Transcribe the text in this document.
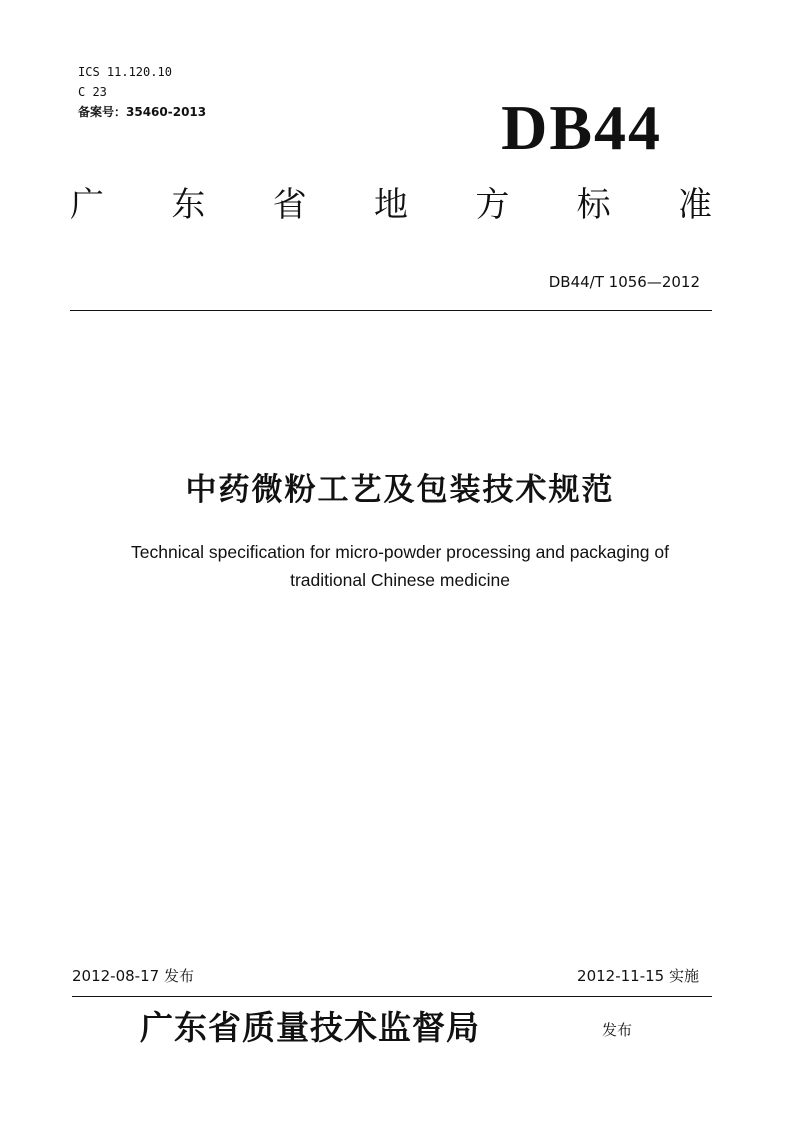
ICS 11.120.10
C 23
备案号：35460-2013	DB44
广 东 省 地 方 标 准
DB44/T 1056—2012
中药微粉工艺及包装技术规范
Technical specification for micro-powder processing and packaging of
traditional Chinese medicine
2012-08-17 发布	2012-11-15 实施
广东省质量技术监督局	发布
